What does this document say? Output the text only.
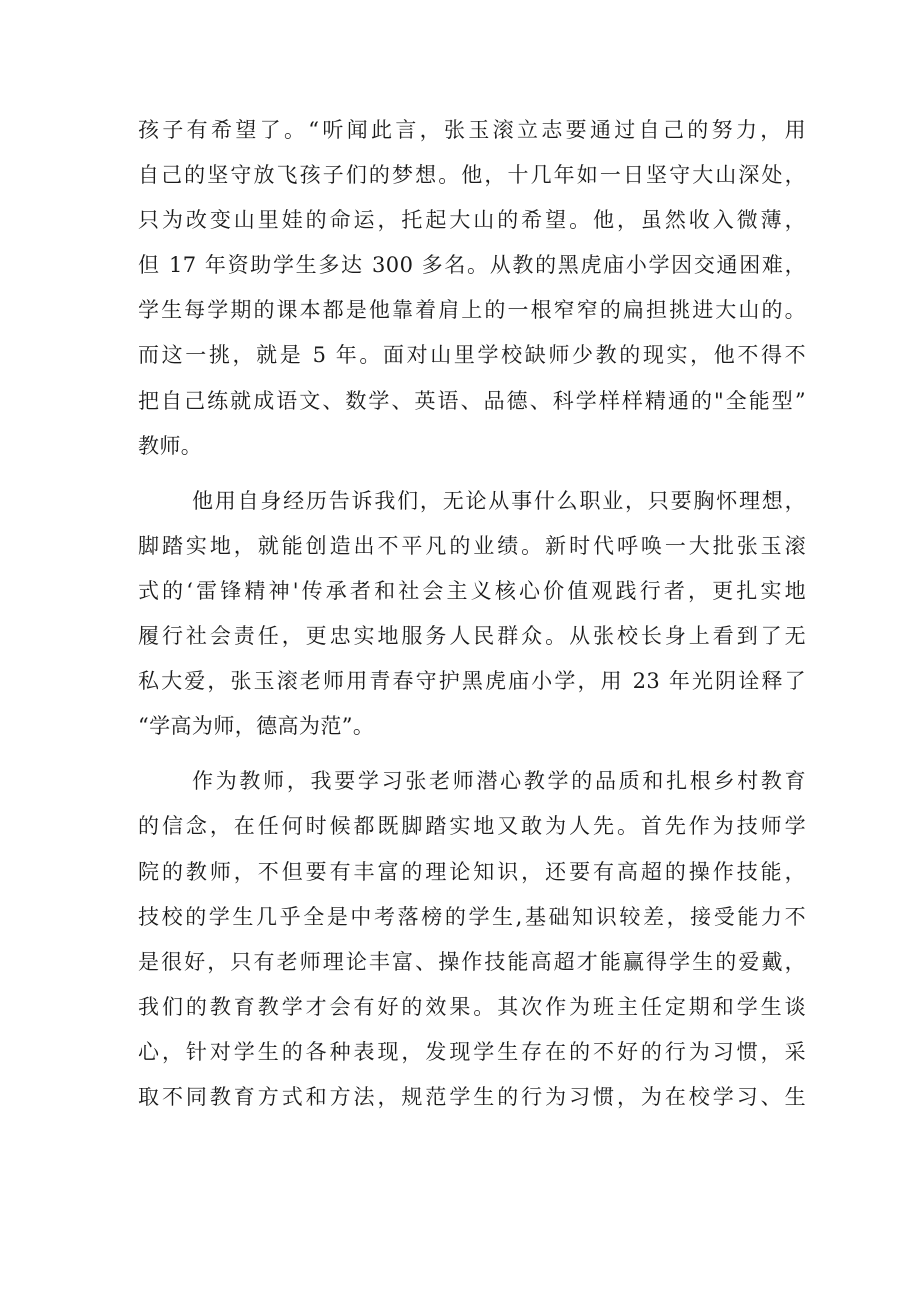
孩子有希望了。“听闻此言，张玉滚立志要通过自己的努力，用
自己的坚守放飞孩子们的梦想。他，十几年如一日坚守大山深处，
只为改变山里娃的命运，托起大山的希望。他，虽然收入微薄，
但 17 年资助学生多达 300 多名。从教的黑虎庙小学因交通困难，
学生每学期的课本都是他靠着肩上的一根窄窄的扁担挑进大山的。
而这一挑，就是 5 年。面对山里学校缺师少教的现实，他不得不
把自己练就成语文、数学、英语、品德、科学样样精通的"全能型”
教师。
他用自身经历告诉我们，无论从事什么职业，只要胸怀理想，
脚踏实地，就能创造出不平凡的业绩。新时代呼唤一大批张玉滚
式的‘雷锋精神'传承者和社会主义核心价值观践行者，更扎实地
履行社会责任，更忠实地服务人民群众。从张校长身上看到了无
私大爱，张玉滚老师用青春守护黑虎庙小学，用 23 年光阴诠释了
“学高为师，德高为范”。
作为教师，我要学习张老师潜心教学的品质和扎根乡村教育
的信念，在任何时候都既脚踏实地又敢为人先。首先作为技师学
院的教师，不但要有丰富的理论知识，还要有高超的操作技能，
技校的学生几乎全是中考落榜的学生,基础知识较差，接受能力不
是很好，只有老师理论丰富、操作技能高超才能赢得学生的爱戴，
我们的教育教学才会有好的效果。其次作为班主任定期和学生谈
心，针对学生的各种表现，发现学生存在的不好的行为习惯，采
取不同教育方式和方法，规范学生的行为习惯，为在校学习、生
